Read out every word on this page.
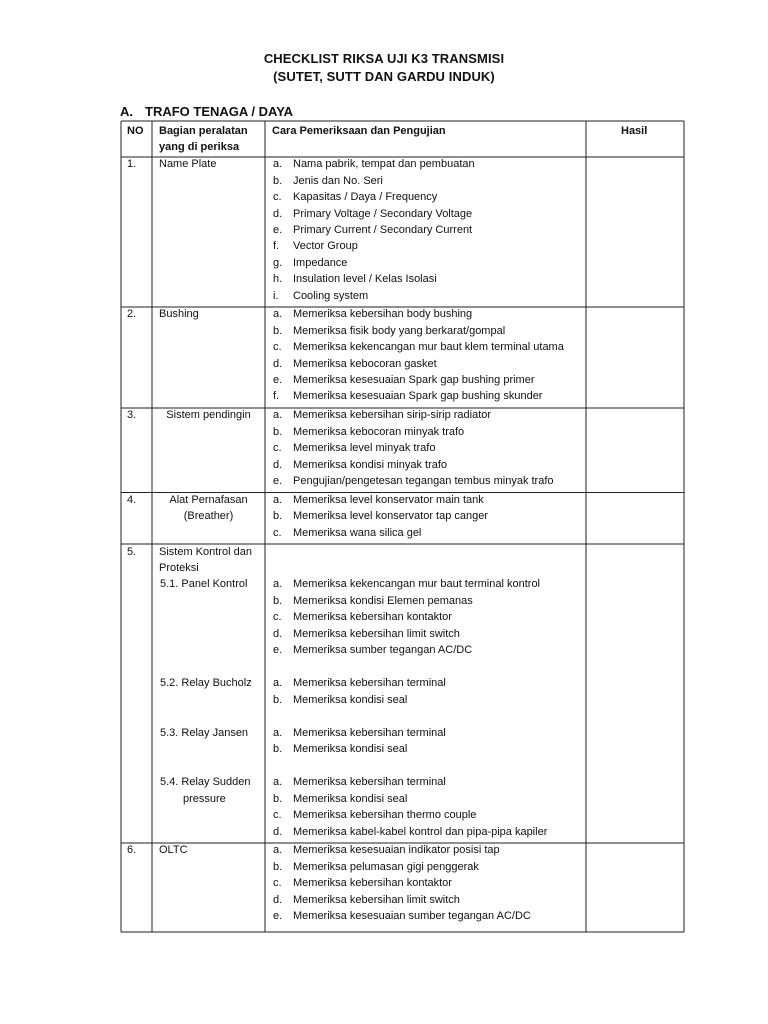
CHECKLIST RIKSA UJI K3 TRANSMISI
(SUTET, SUTT DAN GARDU INDUK)
A. TRAFO TENAGA / DAYA
NO Bagian peralatan
yang di periksa
Cara Pemeriksaan dan Pengujian	Hasil
1. Name Plate	a. Nama pabrik, tempat dan pembuatan
b. Jenis dan No. Seri
c. Kapasitas / Daya / Frequency
d. Primary Voltage / Secondary Voltage
e. Primary Current / Secondary Current
f. Vector Group
g. Impedance
h. Insulation level / Kelas Isolasi
i. Cooling system
2. Bushing	a. Memeriksa kebersihan body bushing
b. Memeriksa fisik body yang berkarat/gompal
c. Memeriksa kekencangan mur baut klem terminal utama
d. Memeriksa kebocoran gasket
e. Memeriksa kesesuaian Spark gap bushing primer
f. Memeriksa kesesuaian Spark gap bushing skunder
3.	Sistem pendingin	a. Memeriksa kebersihan sirip-sirip radiator
b. Memeriksa kebocoran minyak trafo
c. Memeriksa level minyak trafo
d. Memeriksa kondisi minyak trafo
e. Pengujian/pengetesan tegangan tembus minyak trafo
4.	Alat Pernafasan
(Breather)
a. Memeriksa level konservator main tank
b. Memeriksa level konservator tap canger
c. Memeriksa wana silica gel
5. Sistem Kontrol dan
Proteksi
5.1. Panel Kontrol a. Memeriksa kekencangan mur baut terminal kontrol
b. Memeriksa kondisi Elemen pemanas
c. Memeriksa kebersihan kontaktor
d. Memeriksa kebersihan limit switch
e. Memeriksa sumber tegangan AC/DC
5.2. Relay Bucholz a. Memeriksa kebersihan terminal
b. Memeriksa kondisi seal
5.3. Relay Jansen a. Memeriksa kebersihan terminal
b. Memeriksa kondisi seal
5.4. Relay Sudden
pressure
a. Memeriksa kebersihan terminal
b. Memeriksa kondisi seal
c. Memeriksa kebersihan thermo couple
d. Memeriksa kabel-kabel kontrol dan pipa-pipa kapiler
6. OLTC	a. Memeriksa kesesuaian indikator posisi tap
b. Memeriksa pelumasan gigi penggerak
c. Memeriksa kebersihan kontaktor
d. Memeriksa kebersihan limit switch
e. Memeriksa kesesuaian sumber tegangan AC/DC
